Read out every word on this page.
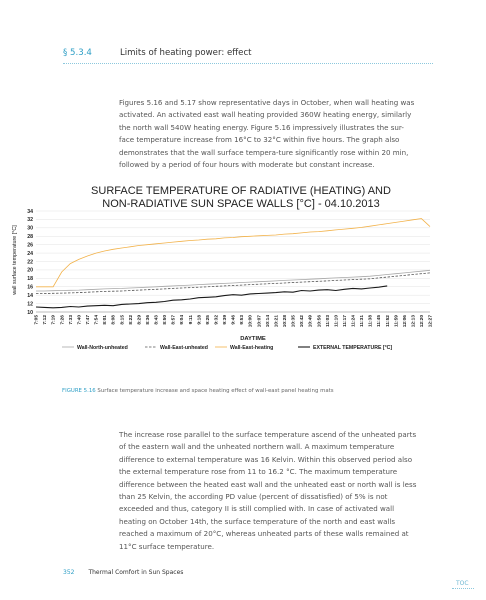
§ 5.3.4	Limits of heating power: effect

Figures 5.16 and 5.17 show representative days in October, when wall heating was activated. An activated east wall heating provided 360W heating energy, similarly the north wall 540W heating energy. Figure 5.16 impressively illustrates the sur-face temperature increase from 16°C to 32°C within five hours. The graph also demonstrates that the wall surface tempera-ture significantly rose within 20 min, followed by a period of four hours with moderate but constant increase.

SURFACE TEMPERATURE OF RADIATIVE (HEATING) AND
NON-RADIATIVE SUN SPACE WALLS [°C] - 04.10.2013
wall surface temperature [°C]
DAYTIME
10
12
14
16
18
20
22
24
26
28
30
32
34
7:05 7:12 7:19 7:26 7:33 7:40 7:47 7:54 8:01 8:08 8:15 8:22 8:29 8:36 8:43 8:50 8:57 9:04 9:11 9:18 9:25 9:32 9:39 9:46 9:53 10:00 10:07 10:14 10:21 10:28 10:35 10:42 10:49 10:56 11:03 11:10 11:17 11:24 11:31 11:38 11:45 11:52 11:59 12:06 12:13 12:20 12:27
Wall-North-unheated	Wall-East-unheated	Wall-East-heating	EXTERNAL TEMPERATURE [°C]
FIGURE 5.16 Surface temperature increase and space heating effect of wall-east panel heating mats

The increase rose parallel to the surface temperature ascend of the unheated parts of the eastern wall and the unheated northern wall. A maximum temperature difference to external temperature was 16 Kelvin. Within this observed period also the external temperature rose from 11 to 16.2 °C. The maximum temperature difference between the heated east wall and the unheated east or north wall is less than 25 Kelvin, the according PD value (percent of dissatisfied) of 5% is not exceeded and thus, category II is still complied with. In case of activated wall heating on October 14th, the surface temperature of the north and east walls reached a maximum of 20°C, whereas unheated parts of these walls remained at 11°C surface temperature.

352 Thermal Comfort in Sun Spaces
TOC
